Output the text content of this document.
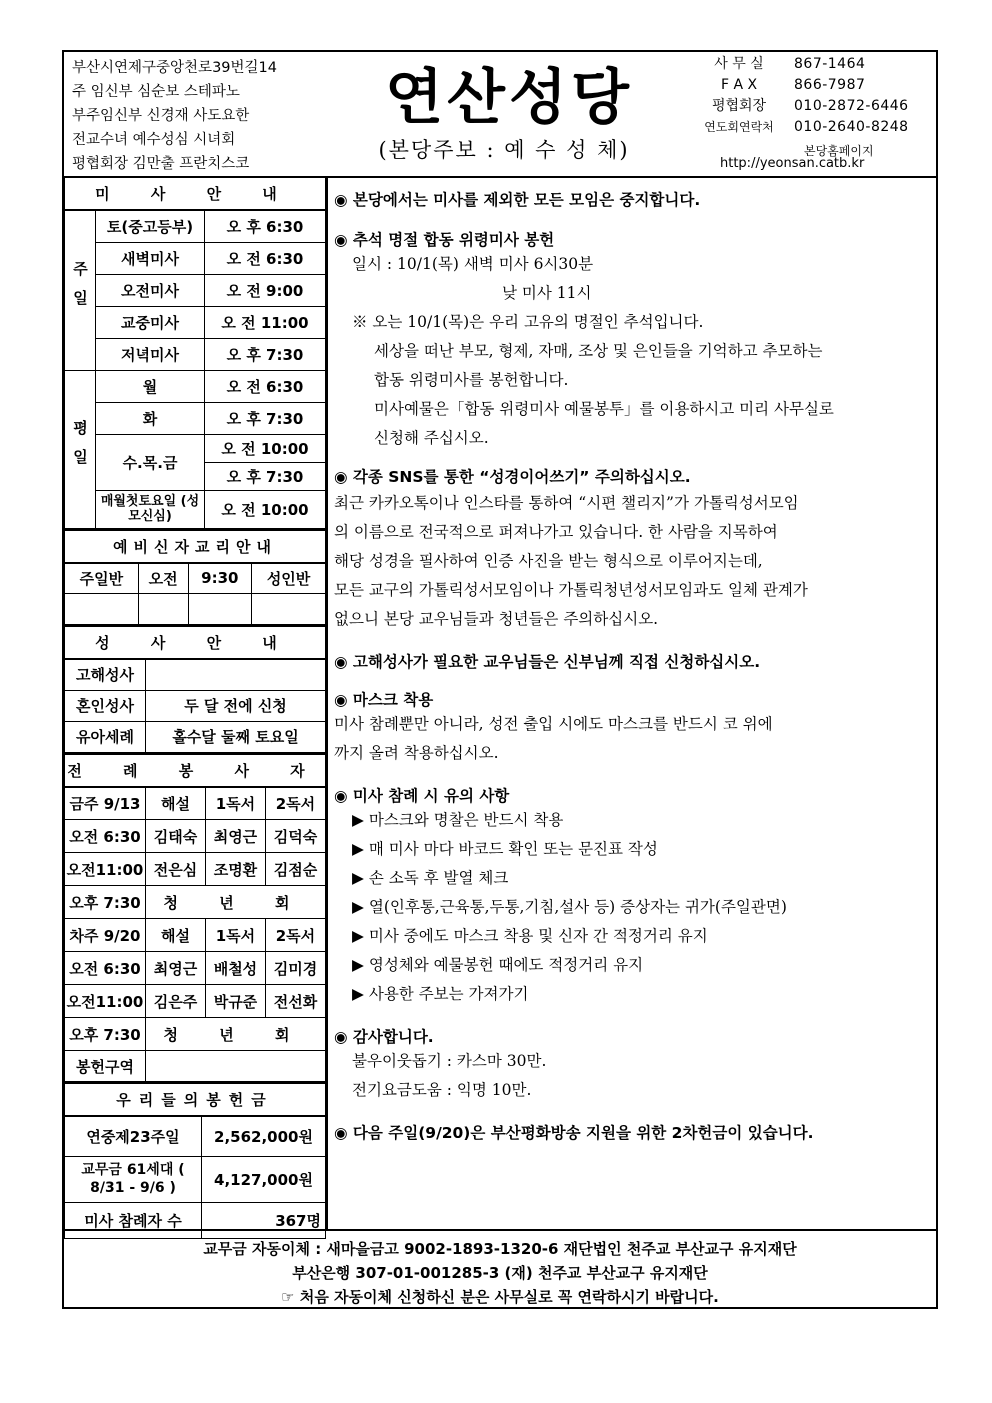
부산시연제구중앙천로39번길14
주 임신부 심순보 스테파노
부주임신부 신경재 사도요한
전교수녀 예수성심 시녀회
평협회장 김만출 프란치스코
연산성당
(본당주보 : 예 수 성 체)
사 무 실	867-1464
F A X	866-7987
평협회장	010-2872-6446
연도회연락처	010-2640-8248
본당홈페이지
http://yeonsan.catb.kr
미 사 안 내		
주일	토(중고등부)	오 후 6:30
	새벽미사	오 전 6:30
	오전미사	오 전 9:00
	교중미사	오 전 11:00
	저녁미사	오 후 7:30
평일	월	오 전 6:30
	화	오 후 7:30
	수.목.금	오 전 10:00
		오 후 7:30
	매월첫토요일 (성모신심)	오 전 10:00
예비신자교리안내			
주일반	오전	9:30	성인반

성 사 안 내	
고해성사	
혼인성사	두 달 전에 신청
유아세례	홀수달 둘째 토요일
전 례 봉 사 자			
금주 9/13	해설	1독서	2독서
오전 6:30	김태숙	최영근	김덕숙
오전11:00	전은심	조명환	김점순
오후 7:30	청 년 회		
차주 9/20	해설	1독서	2독서
오전 6:30	최영근	배철성	김미경
오전11:00	김은주	박규준	전선화
오후 7:30	청 년 회		
봉헌구역			
우리들의봉헌금	
연중제23주일	2,562,000원
교무금 61세대 ( 8/31 - 9/6 )	4,127,000원
미사 참례자 수	367명

◉ 본당에서는 미사를 제외한 모든 모임은 중지합니다.

◉ 추석 명절 합동 위령미사 봉헌

일시 : 10/1(목) 새벽 미사 6시30분

낮 미사 11시

※ 오는 10/1(목)은 우리 고유의 명절인 추석입니다.

세상을 떠난 부모, 형제, 자매, 조상 및 은인들을 기억하고 추모하는

합동 위령미사를 봉헌합니다.

미사예물은「합동 위령미사 예물봉투」를 이용하시고 미리 사무실로

신청해 주십시오.

◉ 각종 SNS를 통한 “성경이어쓰기” 주의하십시오.

최근 카카오톡이나 인스타를 통하여 “시편 챌리지”가 가톨릭성서모임

의 이름으로 전국적으로 퍼져나가고 있습니다. 한 사람을 지목하여

해당 성경을 필사하여 인증 사진을 받는 형식으로 이루어지는데,

모든 교구의 가톨릭성서모임이나 가톨릭청년성서모임과도 일체 관계가

없으니 본당 교우님들과 청년들은 주의하십시오.

◉ 고해성사가 필요한 교우님들은 신부님께 직접 신청하십시오.

◉ 마스크 착용

미사 참례뿐만 아니라, 성전 출입 시에도 마스크를 반드시 코 위에

까지 올려 착용하십시오.

◉ 미사 참례 시 유의 사항

▶ 마스크와 명찰은 반드시 착용

▶ 매 미사 마다 바코드 확인 또는 문진표 작성

▶ 손 소독 후 발열 체크

▶ 열(인후통,근육통,두통,기침,설사 등) 증상자는 귀가(주일관면)

▶ 미사 중에도 마스크 착용 및 신자 간 적정거리 유지

▶ 영성체와 예물봉헌 때에도 적정거리 유지

▶ 사용한 주보는 가져가기

◉ 감사합니다.

불우이웃돕기 : 카스마 30만.

전기요금도움 : 익명 10만.

◉ 다음 주일(9/20)은 부산평화방송 지원을 위한 2차헌금이 있습니다.

교무금 자동이체 : 새마을금고 9002-1893-1320-6 재단법인 천주교 부산교구 유지재단
부산은행 307-01-001285-3 (재) 천주교 부산교구 유지재단
☞ 처음 자동이체 신청하신 분은 사무실로 꼭 연락하시기 바랍니다.
